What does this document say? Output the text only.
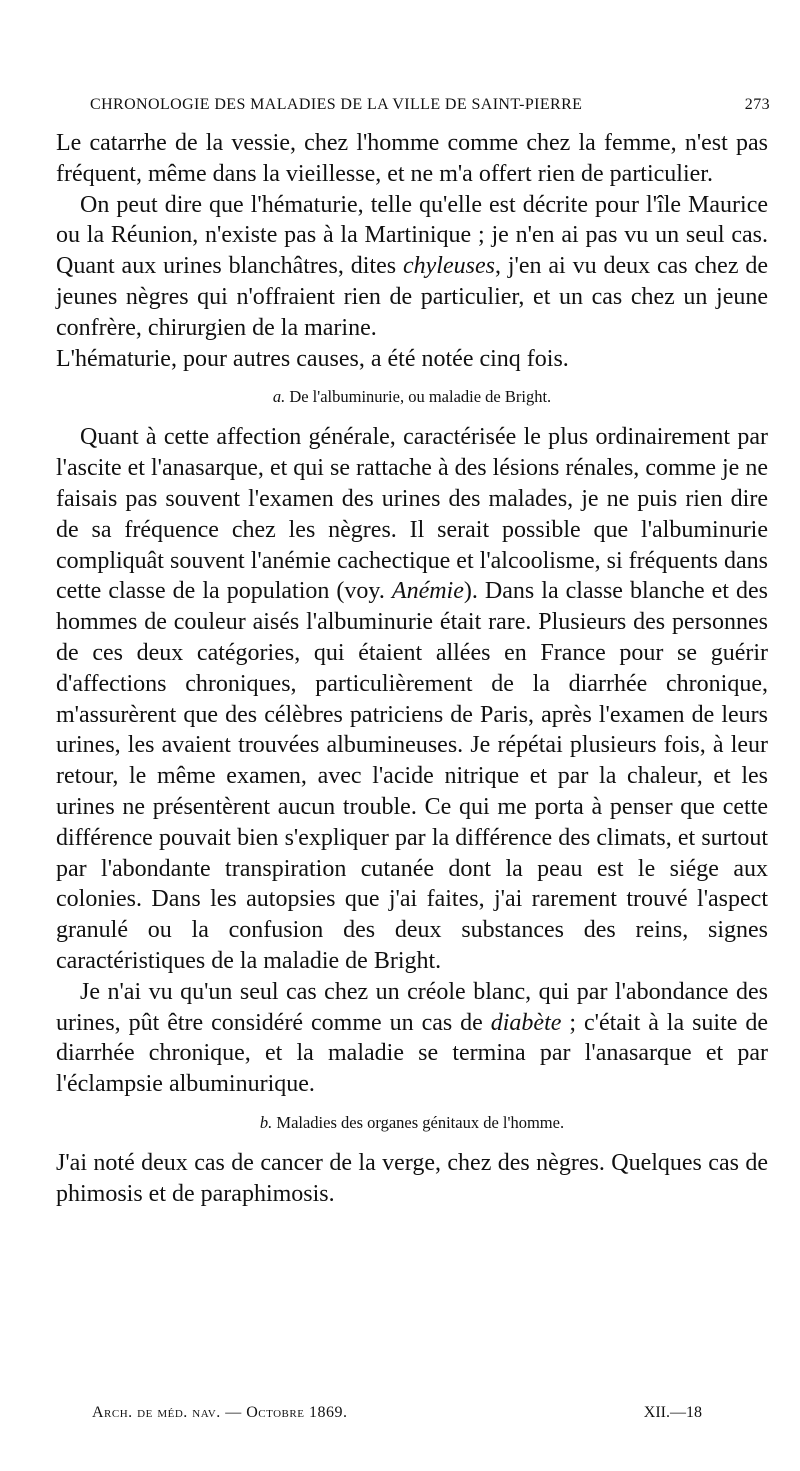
CHRONOLOGIE DES MALADIES DE LA VILLE DE SAINT-PIERRE	273

Le catarrhe de la vessie, chez l'homme comme chez la femme, n'est pas fréquent, même dans la vieillesse, et ne m'a offert rien de particulier.

On peut dire que l'hématurie, telle qu'elle est décrite pour l'île Maurice ou la Réunion, n'existe pas à la Martinique ; je n'en ai pas vu un seul cas. Quant aux urines blanchâtres, dites chyleuses, j'en ai vu deux cas chez de jeunes nègres qui n'offraient rien de particulier, et un cas chez un jeune confrère, chirurgien de la marine.

L'hématurie, pour autres causes, a été notée cinq fois.

a. De l'albuminurie, ou maladie de Bright.

Quant à cette affection générale, caractérisée le plus ordinairement par l'ascite et l'anasarque, et qui se rattache à des lésions rénales, comme je ne faisais pas souvent l'examen des urines des malades, je ne puis rien dire de sa fréquence chez les nègres. Il serait possible que l'albuminurie compliquât souvent l'anémie cachectique et l'alcoolisme, si fréquents dans cette classe de la population (voy. Anémie). Dans la classe blanche et des hommes de couleur aisés l'albuminurie était rare. Plusieurs des personnes de ces deux catégories, qui étaient allées en France pour se guérir d'affections chroniques, particulièrement de la diarrhée chronique, m'assurèrent que des célèbres patriciens de Paris, après l'examen de leurs urines, les avaient trouvées albumineuses. Je répétai plusieurs fois, à leur retour, le même examen, avec l'acide nitrique et par la chaleur, et les urines ne présentèrent aucun trouble. Ce qui me porta à penser que cette différence pouvait bien s'expliquer par la différence des climats, et surtout par l'abondante transpiration cutanée dont la peau est le siége aux colonies. Dans les autopsies que j'ai faites, j'ai rarement trouvé l'aspect granulé ou la confusion des deux substances des reins, signes caractéristiques de la maladie de Bright.

Je n'ai vu qu'un seul cas chez un créole blanc, qui par l'abondance des urines, pût être considéré comme un cas de diabète ; c'était à la suite de diarrhée chronique, et la maladie se termina par l'anasarque et par l'éclampsie albuminurique.

b. Maladies des organes génitaux de l'homme.

J'ai noté deux cas de cancer de la verge, chez des nègres. Quelques cas de phimosis et de paraphimosis.

Arch. de méd. nav. — Octobre 1869.	XII.—18
